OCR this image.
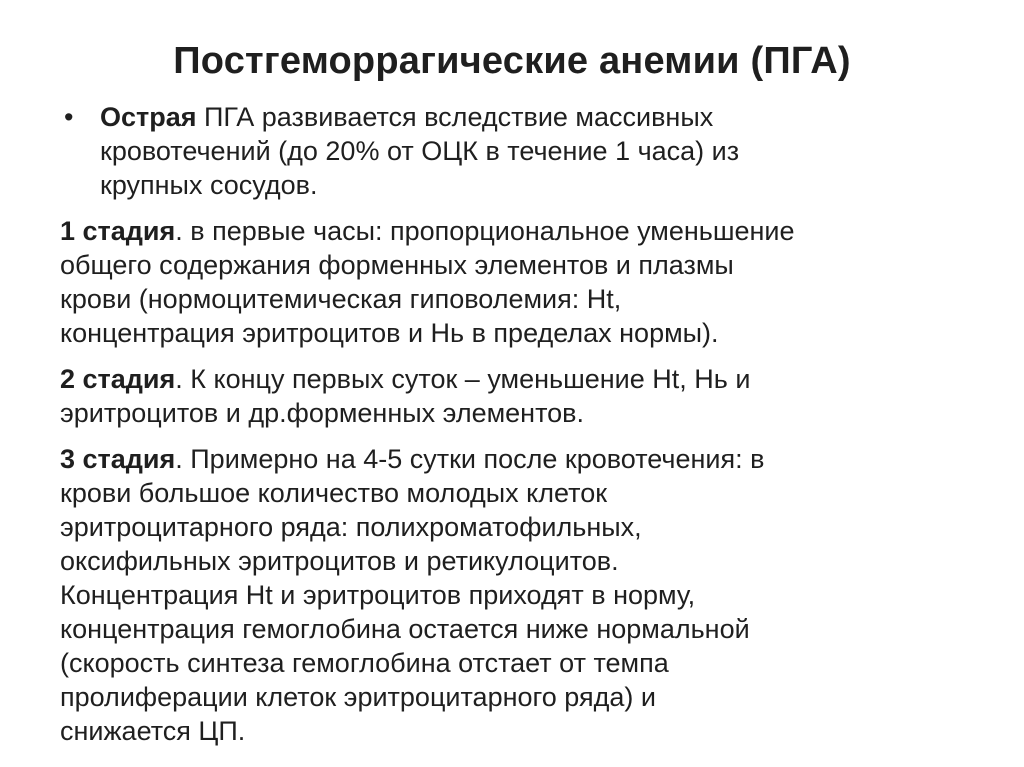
Постгеморрагические анемии (ПГА)
• Острая ПГА развивается вследствие массивных
кровотечений (до 20% от ОЦК в течение 1 часа) из
крупных сосудов.
1 стадия. в первые часы: пропорциональное уменьшение
общего содержания форменных элементов и плазмы
крови (нормоцитемическая гиповолемия: Ht,
концентрация эритроцитов и Hь в пределах нормы).
2 стадия. К концу первых суток – уменьшение Ht, Hь и
эритроцитов и др.форменных элементов.
3 стадия. Примерно на 4-5 сутки после кровотечения: в
крови большое количество молодых клеток
эритроцитарного ряда: полихроматофильных,
оксифильных эритроцитов и ретикулоцитов.
Концентрация Ht и эритроцитов приходят в норму,
концентрация гемоглобина остается ниже нормальной
(скорость синтеза гемоглобина отстает от темпа
пролиферации клеток эритроцитарного ряда) и
снижается ЦП.
